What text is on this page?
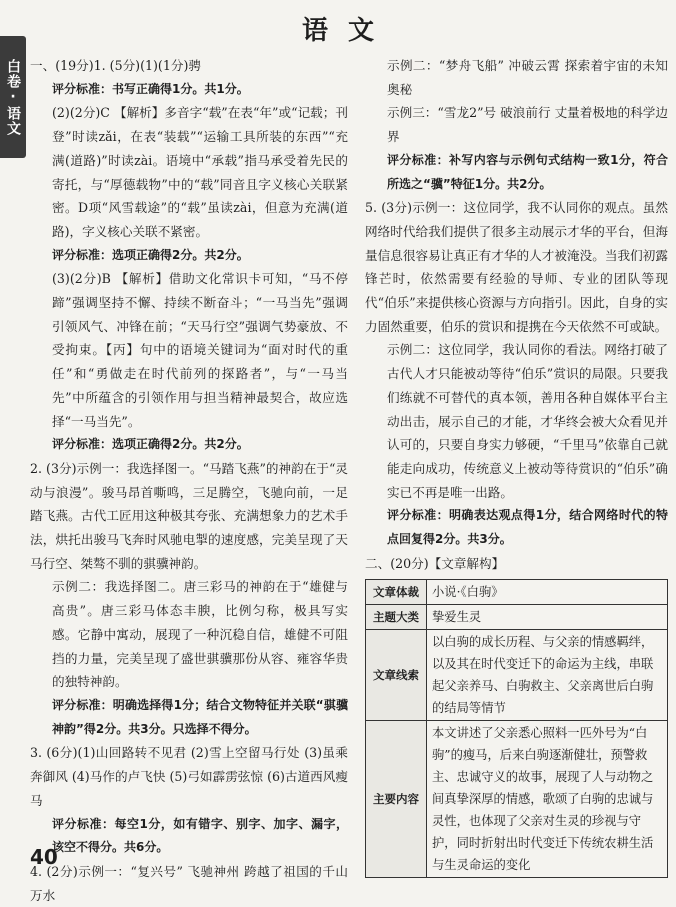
白卷·语文
语文

一、(19分)1. (5分)(1)(1分)骋

评分标准：书写正确得1分。共1分。

(2)(2分)C 【解析】多音字“载”在表“年”或“记载；刊登”时读zǎi，在表“装载”“运输工具所装的东西”“充满(道路)”时读zài。语境中“承载”指马承受着先民的寄托，与“厚德载物”中的“载”同音且字义核心关联紧密。D项“风雪载途”的“载”虽读zài，但意为充满(道路)，字义核心关联不紧密。

评分标准：选项正确得2分。共2分。

(3)(2分)B 【解析】借助文化常识卡可知，“马不停蹄”强调坚持不懈、持续不断奋斗；“一马当先”强调引领风气、冲锋在前；“天马行空”强调气势豪放、不受拘束。【丙】句中的语境关键词为“面对时代的重任”和“勇做走在时代前列的探路者”，与“一马当先”中所蕴含的引领作用与担当精神最契合，故应选择“一马当先”。

评分标准：选项正确得2分。共2分。

2. (3分)示例一：我选择图一。“马踏飞燕”的神韵在于“灵动与浪漫”。骏马昂首嘶鸣，三足腾空，飞驰向前，一足踏飞燕。古代工匠用这种极其夸张、充满想象力的艺术手法，烘托出骏马飞奔时风驰电掣的速度感，完美呈现了天马行空、桀骜不驯的骐骥神韵。

示例二：我选择图二。唐三彩马的神韵在于“雄健与高贵”。唐三彩马体态丰腴，比例匀称，极具写实感。它静中寓动，展现了一种沉稳自信，雄健不可阻挡的力量，完美呈现了盛世骐骥那份从容、雍容华贵的独特神韵。

评分标准：明确选择得1分；结合文物特征并关联“骐骥神韵”得2分。共3分。只选择不得分。

3. (6分)(1)山回路转不见君 (2)雪上空留马行处 (3)虽乘奔御风 (4)马作的卢飞快 (5)弓如霹雳弦惊 (6)古道西风瘦马

评分标准：每空1分，如有错字、别字、加字、漏字，该空不得分。共6分。

4. (2分)示例一：“复兴号” 飞驰神州 跨越了祖国的千山万水

示例二：“梦舟飞船” 冲破云霄 探索着宇宙的未知奥秘

示例三：“雪龙2”号 破浪前行 丈量着极地的科学边界

评分标准：补写内容与示例句式结构一致1分，符合所选之“骥”特征1分。共2分。

5. (3分)示例一：这位同学，我不认同你的观点。虽然网络时代给我们提供了很多主动展示才华的平台，但海量信息很容易让真正有才华的人才被淹没。当我们初露锋芒时，依然需要有经验的导师、专业的团队等现代“伯乐”来提供核心资源与方向指引。因此，自身的实力固然重要，伯乐的赏识和提携在今天依然不可或缺。

示例二：这位同学，我认同你的看法。网络打破了古代人才只能被动等待“伯乐”赏识的局限。只要我们练就不可替代的真本领，善用各种自媒体平台主动出击，展示自己的才能，才华终会被大众看见并认可的，只要自身实力够硬，“千里马”依靠自己就能走向成功，传统意义上被动等待赏识的“伯乐”确实已不再是唯一出路。

评分标准：明确表达观点得1分，结合网络时代的特点回复得2分。共3分。

二、(20分)【文章解构】

文章体裁	小说·《白驹》
主题大类	挚爱生灵
文章线索	以白驹的成长历程、与父亲的情感羁绊，以及其在时代变迁下的命运为主线，串联起父亲养马、白驹救主、父亲离世后白驹的结局等情节
主要内容	本文讲述了父亲悉心照料一匹外号为“白驹”的瘦马，后来白驹逐渐健壮，预警救主、忠诚守义的故事，展现了人与动物之间真挚深厚的情感，歌颂了白驹的忠诚与灵性，也体现了父亲对生灵的珍视与守护，同时折射出时代变迁下传统农耕生活与生灵命运的变化
40
